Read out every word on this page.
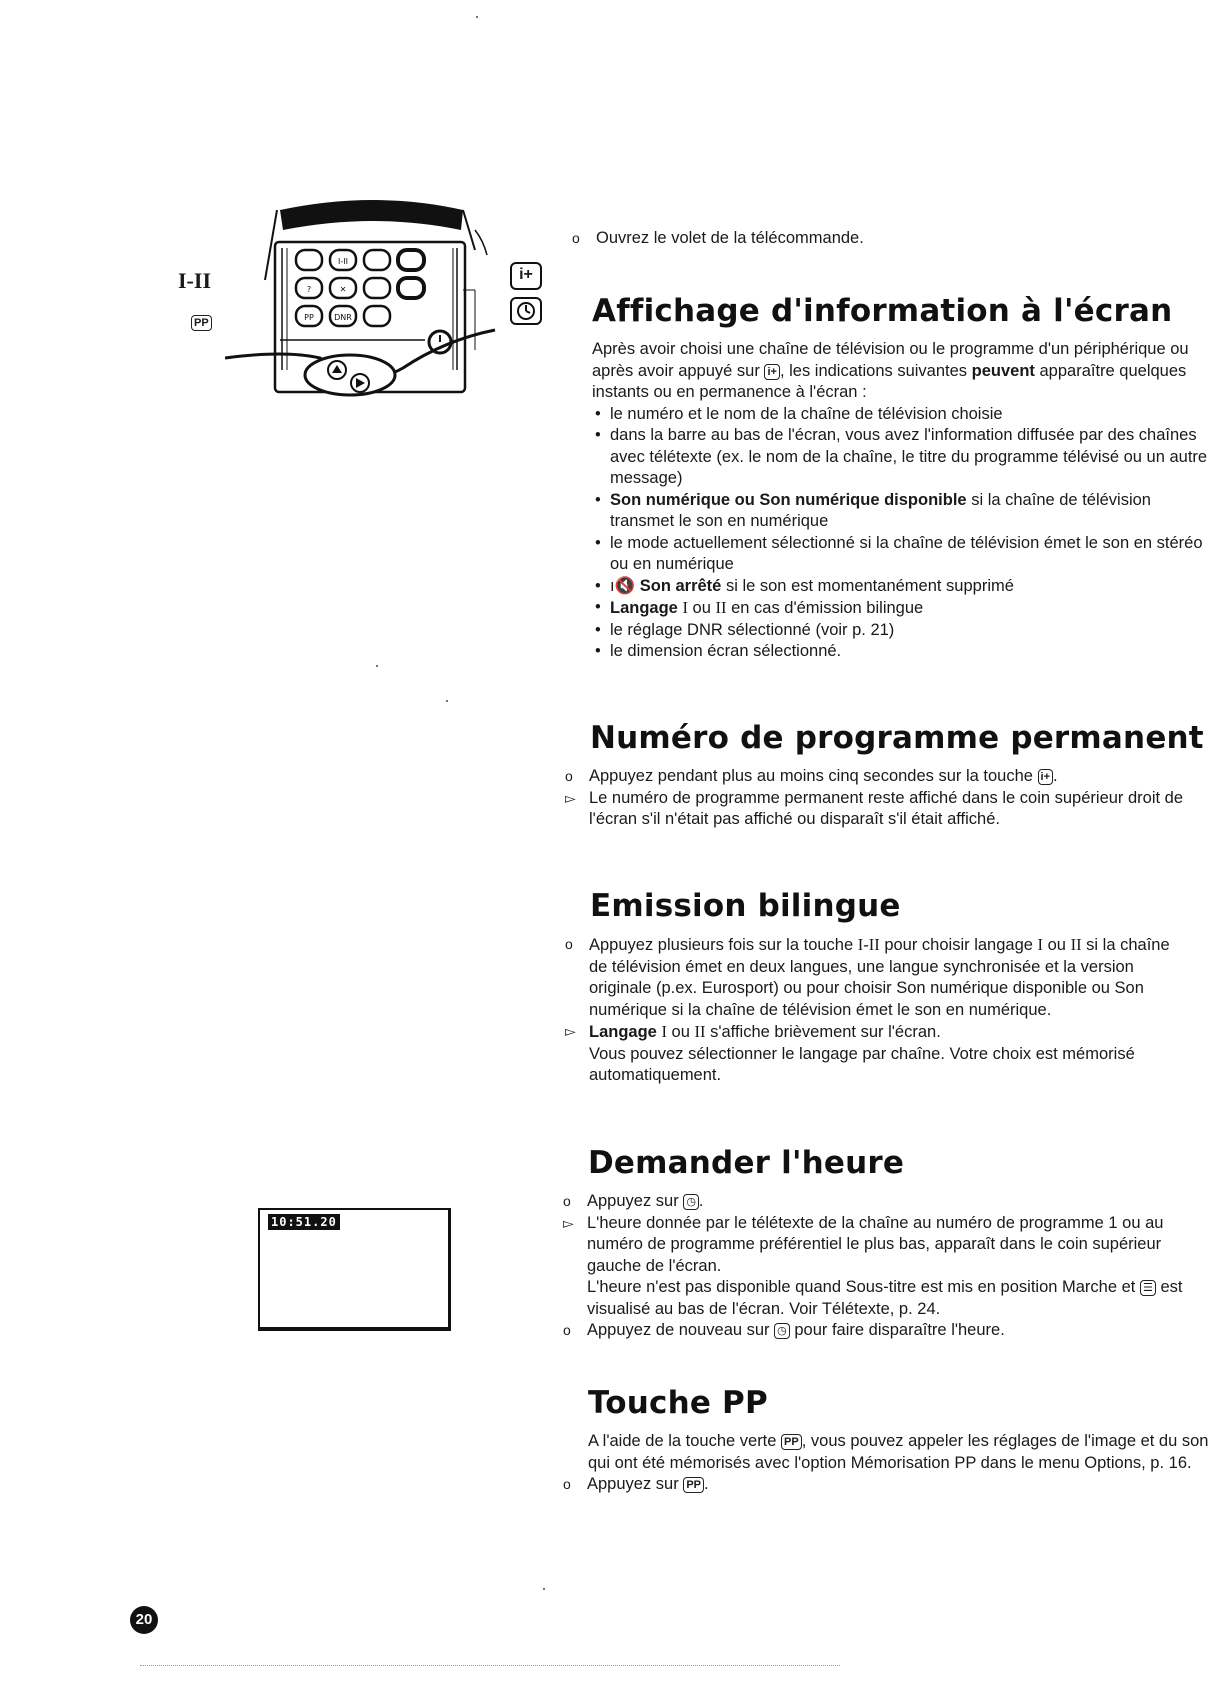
I-II
?	✕
DNR
PP
I-II
PP
i+
o Ouvrez le volet de la télécommande.
Affichage d'information à l'écran
Après avoir choisi une chaîne de télévision ou le programme d'un périphérique ou après avoir appuyé sur i+ , les indications suivantes peuvent apparaître quelques instants ou en permanence à l'écran :
• le numéro et le nom de la chaîne de télévision choisie
• dans la barre au bas de l'écran, vous avez l'information diffusée par des chaînes avec télétexte (ex. le nom de la chaîne, le titre du programme télévisé ou un autre message)
• Son numérique ou Son numérique disponible si la chaîne de télévision transmet le son en numérique
• le mode actuellement sélectionné si la chaîne de télévision émet le son en stéréo ou en numérique
• ı🔇 Son arrêté si le son est momentanément supprimé
• Langage I ou II en cas d'émission bilingue
• le réglage DNR sélectionné (voir p. 21)
• le dimension écran sélectionné.
Numéro de programme permanent
o Appuyez pendant plus au moins cinq secondes sur la touche i+ .
▻ Le numéro de programme permanent reste affiché dans le coin supérieur droit de l'écran s'il n'était pas affiché ou disparaît s'il était affiché.
Emission bilingue
o Appuyez plusieurs fois sur la touche I-II pour choisir langage I ou II si la chaîne de télévision émet en deux langues, une langue synchronisée et la version originale (p.ex. Eurosport) ou pour choisir Son numérique disponible ou Son numérique si la chaîne de télévision émet le son en numérique.
▻ Langage I ou II s'affiche brièvement sur l'écran.
Vous pouvez sélectionner le langage par chaîne. Votre choix est mémorisé automatiquement.
10:51.20
Demander l'heure
o Appuyez sur ◷ .
▻ L'heure donnée par le télétexte de la chaîne au numéro de programme 1 ou au numéro de programme préférentiel le plus bas, apparaît dans le coin supérieur gauche de l'écran.
L'heure n'est pas disponible quand Sous-titre est mis en position Marche et ☰ est visualisé au bas de l'écran. Voir Télétexte, p. 24.
o Appuyez de nouveau sur ◷ pour faire disparaître l'heure.
Touche PP
A l'aide de la touche verte PP , vous pouvez appeler les réglages de l'image et du son qui ont été mémorisés avec l'option Mémorisation PP dans le menu Options, p. 16.
o Appuyez sur PP .
20
